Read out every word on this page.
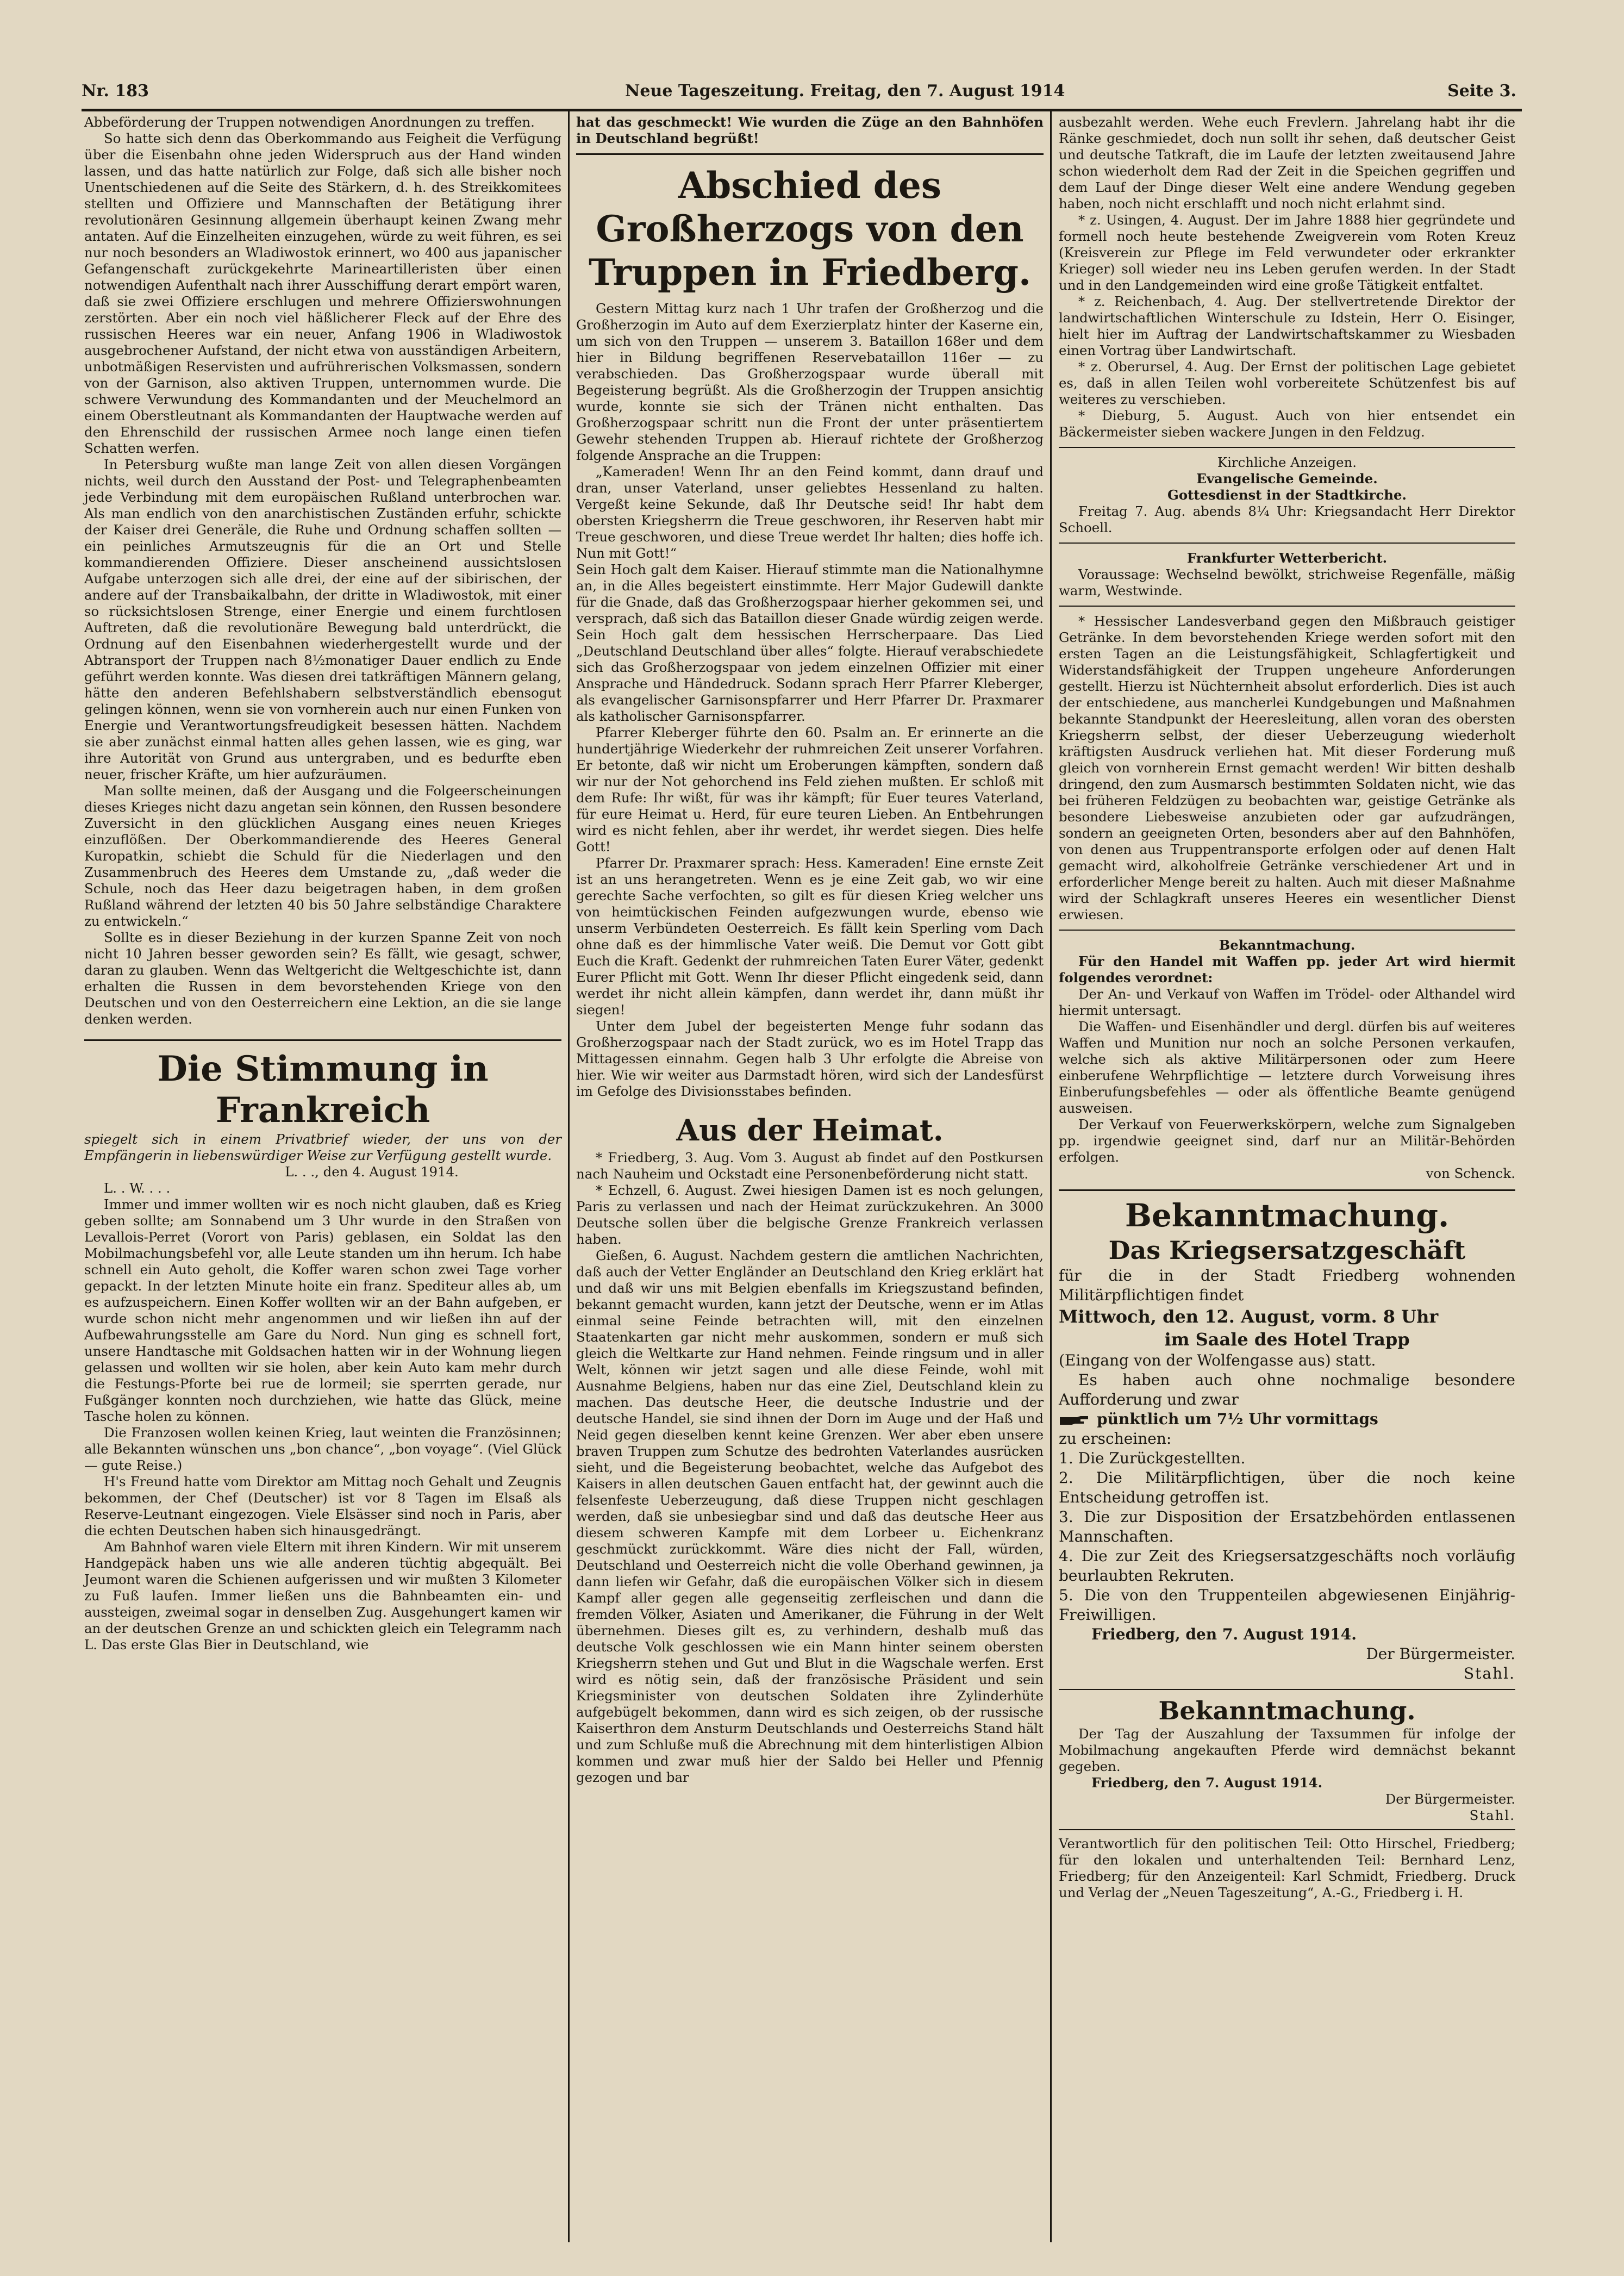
Nr. 183	Neue Tageszeitung. Freitag, den 7. August 1914	Seite 3.

Abbeförderung der Truppen notwendigen Anordnungen zu treffen.

So hatte sich denn das Oberkommando aus Feigheit die Verfügung über die Eisenbahn ohne jeden Widerspruch aus der Hand winden lassen, und das hatte natürlich zur Folge, daß sich alle bisher noch Unentschiedenen auf die Seite des Stärkern, d. h. des Streikkomitees stellten und Offiziere und Mannschaften der Betätigung ihrer revolutionären Gesinnung allgemein überhaupt keinen Zwang mehr antaten. Auf die Einzelheiten einzugehen, würde zu weit führen, es sei nur noch besonders an Wladiwostok erinnert, wo 400 aus japanischer Gefangenschaft zurückgekehrte Marineartilleristen über einen notwendigen Aufenthalt nach ihrer Ausschiffung derart empört waren, daß sie zwei Offiziere erschlugen und mehrere Offizierswohnungen zerstörten. Aber ein noch viel häßlicherer Fleck auf der Ehre des russischen Heeres war ein neuer, Anfang 1906 in Wladiwostok ausgebrochener Aufstand, der nicht etwa von ausständigen Arbeitern, unbotmäßigen Reservisten und aufrührerischen Volksmassen, sondern von der Garnison, also aktiven Truppen, unternommen wurde. Die schwere Verwundung des Kommandanten und der Meuchelmord an einem Oberstleutnant als Kommandanten der Hauptwache werden auf den Ehrenschild der russischen Armee noch lange einen tiefen Schatten werfen.

In Petersburg wußte man lange Zeit von allen diesen Vorgängen nichts, weil durch den Ausstand der Post- und Telegraphenbeamten jede Verbindung mit dem europäischen Rußland unterbrochen war. Als man endlich von den anarchistischen Zuständen erfuhr, schickte der Kaiser drei Generäle, die Ruhe und Ordnung schaffen sollten — ein peinliches Armutszeugnis für die an Ort und Stelle kommandierenden Offiziere. Dieser anscheinend aussichtslosen Aufgabe unterzogen sich alle drei, der eine auf der sibirischen, der andere auf der Transbaikalbahn, der dritte in Wladiwostok, mit einer so rücksichtslosen Strenge, einer Energie und einem furchtlosen Auftreten, daß die revolutionäre Bewegung bald unterdrückt, die Ordnung auf den Eisenbahnen wiederhergestellt wurde und der Abtransport der Truppen nach 8½monatiger Dauer endlich zu Ende geführt werden konnte. Was diesen drei tatkräftigen Männern gelang, hätte den anderen Befehlshabern selbstverständlich ebensogut gelingen können, wenn sie von vornherein auch nur einen Funken von Energie und Verantwortungsfreudigkeit besessen hätten. Nachdem sie aber zunächst einmal hatten alles gehen lassen, wie es ging, war ihre Autorität von Grund aus untergraben, und es bedurfte eben neuer, frischer Kräfte, um hier aufzuräumen.

Man sollte meinen, daß der Ausgang und die Folgeerscheinungen dieses Krieges nicht dazu angetan sein können, den Russen besondere Zuversicht in den glücklichen Ausgang eines neuen Krieges einzuflößen. Der Oberkommandierende des Heeres General Kuropatkin, schiebt die Schuld für die Niederlagen und den Zusammenbruch des Heeres dem Umstande zu, „daß weder die Schule, noch das Heer dazu beigetragen haben, in dem großen Rußland während der letzten 40 bis 50 Jahre selbständige Charaktere zu entwickeln.“

Sollte es in dieser Beziehung in der kurzen Spanne Zeit von noch nicht 10 Jahren besser geworden sein? Es fällt, wie gesagt, schwer, daran zu glauben. Wenn das Weltgericht die Weltgeschichte ist, dann erhalten die Russen in dem bevorstehenden Kriege von den Deutschen und von den Oesterreichern eine Lektion, an die sie lange denken werden.

Die Stimmung in Frankreich

spiegelt sich in einem Privatbrief wieder, der uns von der Empfängerin in liebenswürdiger Weise zur Verfügung gestellt wurde.

L. . ., den 4. August 1914.

L. . W. . . .

Immer und immer wollten wir es noch nicht glauben, daß es Krieg geben sollte; am Sonnabend um 3 Uhr wurde in den Straßen von Levallois-Perret (Vorort von Paris) geblasen, ein Soldat las den Mobilmachungsbefehl vor, alle Leute standen um ihn herum. Ich habe schnell ein Auto geholt, die Koffer waren schon zwei Tage vorher gepackt. In der letzten Minute hoite ein franz. Spediteur alles ab, um es aufzuspeichern. Einen Koffer wollten wir an der Bahn aufgeben, er wurde schon nicht mehr angenommen und wir ließen ihn auf der Aufbewahrungsstelle am Gare du Nord. Nun ging es schnell fort, unsere Handtasche mit Goldsachen hatten wir in der Wohnung liegen gelassen und wollten wir sie holen, aber kein Auto kam mehr durch die Festungs-Pforte bei rue de lormeil; sie sperrten gerade, nur Fußgänger konnten noch durchziehen, wie hatte das Glück, meine Tasche holen zu können.

Die Franzosen wollen keinen Krieg, laut weinten die Französinnen; alle Bekannten wünschen uns „bon chance“, „bon voyage“. (Viel Glück — gute Reise.)

H's Freund hatte vom Direktor am Mittag noch Gehalt und Zeugnis bekommen, der Chef (Deutscher) ist vor 8 Tagen im Elsaß als Reserve-Leutnant eingezogen. Viele Elsässer sind noch in Paris, aber die echten Deutschen haben sich hinausgedrängt.

Am Bahnhof waren viele Eltern mit ihren Kindern. Wir mit unserem Handgepäck haben uns wie alle anderen tüchtig abgequält. Bei Jeumont waren die Schienen aufgerissen und wir mußten 3 Kilometer zu Fuß laufen. Immer ließen uns die Bahnbeamten ein- und aussteigen, zweimal sogar in denselben Zug. Ausgehungert kamen wir an der deutschen Grenze an und schickten gleich ein Telegramm nach L. Das erste Glas Bier in Deutschland, wie

hat das geschmeckt! Wie wurden die Züge an den Bahnhöfen in Deutschland begrüßt!

Abschied des Großherzogs von den Truppen in Friedberg.

Gestern Mittag kurz nach 1 Uhr trafen der Großherzog und die Großherzogin im Auto auf dem Exerzierplatz hinter der Kaserne ein, um sich von den Truppen — unserem 3. Bataillon 168er und dem hier in Bildung begriffenen Reservebataillon 116er — zu verabschieden. Das Großherzogspaar wurde überall mit Begeisterung begrüßt. Als die Großherzogin der Truppen ansichtig wurde, konnte sie sich der Tränen nicht enthalten. Das Großherzogspaar schritt nun die Front der unter präsentiertem Gewehr stehenden Truppen ab. Hierauf richtete der Großherzog folgende Ansprache an die Truppen:

„Kameraden! Wenn Ihr an den Feind kommt, dann drauf und dran, unser Vaterland, unser geliebtes Hessenland zu halten. Vergeßt keine Sekunde, daß Ihr Deutsche seid! Ihr habt dem obersten Kriegsherrn die Treue geschworen, ihr Reserven habt mir Treue geschworen, und diese Treue werdet Ihr halten; dies hoffe ich. Nun mit Gott!“

Sein Hoch galt dem Kaiser. Hierauf stimmte man die Nationalhymne an, in die Alles begeistert einstimmte. Herr Major Gudewill dankte für die Gnade, daß das Großherzogspaar hierher gekommen sei, und versprach, daß sich das Bataillon dieser Gnade würdig zeigen werde. Sein Hoch galt dem hessischen Herrscherpaare. Das Lied „Deutschland Deutschland über alles“ folgte. Hierauf verabschiedete sich das Großherzogspaar von jedem einzelnen Offizier mit einer Ansprache und Händedruck. Sodann sprach Herr Pfarrer Kleberger, als evangelischer Garnisonspfarrer und Herr Pfarrer Dr. Praxmarer als katholischer Garnisonspfarrer.

Pfarrer Kleberger führte den 60. Psalm an. Er erinnerte an die hundertjährige Wiederkehr der ruhmreichen Zeit unserer Vorfahren. Er betonte, daß wir nicht um Eroberungen kämpften, sondern daß wir nur der Not gehorchend ins Feld ziehen mußten. Er schloß mit dem Rufe: Ihr wißt, für was ihr kämpft; für Euer teures Vaterland, für eure Heimat u. Herd, für eure teuren Lieben. An Entbehrungen wird es nicht fehlen, aber ihr werdet, ihr werdet siegen. Dies helfe Gott!

Pfarrer Dr. Praxmarer sprach: Hess. Kameraden! Eine ernste Zeit ist an uns herangetreten. Wenn es je eine Zeit gab, wo wir eine gerechte Sache verfochten, so gilt es für diesen Krieg welcher uns von heimtückischen Feinden aufgezwungen wurde, ebenso wie unserm Verbündeten Oesterreich. Es fällt kein Sperling vom Dach ohne daß es der himmlische Vater weiß. Die Demut vor Gott gibt Euch die Kraft. Gedenkt der ruhmreichen Taten Eurer Väter, gedenkt Eurer Pflicht mit Gott. Wenn Ihr dieser Pflicht eingedenk seid, dann werdet ihr nicht allein kämpfen, dann werdet ihr, dann müßt ihr siegen!

Unter dem Jubel der begeisterten Menge fuhr sodann das Großherzogspaar nach der Stadt zurück, wo es im Hotel Trapp das Mittagessen einnahm. Gegen halb 3 Uhr erfolgte die Abreise von hier. Wie wir weiter aus Darmstadt hören, wird sich der Landesfürst im Gefolge des Divisionsstabes befinden.

Aus der Heimat.

* Friedberg, 3. Aug. Vom 3. August ab findet auf den Postkursen nach Nauheim und Ockstadt eine Personenbeförderung nicht statt.

* Echzell, 6. August. Zwei hiesigen Damen ist es noch gelungen, Paris zu verlassen und nach der Heimat zurückzukehren. An 3000 Deutsche sollen über die belgische Grenze Frankreich verlassen haben.

Gießen, 6. August. Nachdem gestern die amtlichen Nachrichten, daß auch der Vetter Engländer an Deutschland den Krieg erklärt hat und daß wir uns mit Belgien ebenfalls im Kriegszustand befinden, bekannt gemacht wurden, kann jetzt der Deutsche, wenn er im Atlas einmal seine Feinde betrachten will, mit den einzelnen Staatenkarten gar nicht mehr auskommen, sondern er muß sich gleich die Weltkarte zur Hand nehmen. Feinde ringsum und in aller Welt, können wir jetzt sagen und alle diese Feinde, wohl mit Ausnahme Belgiens, haben nur das eine Ziel, Deutschland klein zu machen. Das deutsche Heer, die deutsche Industrie und der deutsche Handel, sie sind ihnen der Dorn im Auge und der Haß und Neid gegen dieselben kennt keine Grenzen. Wer aber eben unsere braven Truppen zum Schutze des bedrohten Vaterlandes ausrücken sieht, und die Begeisterung beobachtet, welche das Aufgebot des Kaisers in allen deutschen Gauen entfacht hat, der gewinnt auch die felsenfeste Ueberzeugung, daß diese Truppen nicht geschlagen werden, daß sie unbesiegbar sind und daß das deutsche Heer aus diesem schweren Kampfe mit dem Lorbeer u. Eichenkranz geschmückt zurückkommt. Wäre dies nicht der Fall, würden, Deutschland und Oesterreich nicht die volle Oberhand gewinnen, ja dann liefen wir Gefahr, daß die europäischen Völker sich in diesem Kampf aller gegen alle gegenseitig zerfleischen und dann die fremden Völker, Asiaten und Amerikaner, die Führung in der Welt übernehmen. Dieses gilt es, zu verhindern, deshalb muß das deutsche Volk geschlossen wie ein Mann hinter seinem obersten Kriegsherrn stehen und Gut und Blut in die Wagschale werfen. Erst wird es nötig sein, daß der französische Präsident und sein Kriegsminister von deutschen Soldaten ihre Zylinderhüte aufgebügelt bekommen, dann wird es sich zeigen, ob der russische Kaiserthron dem Ansturm Deutschlands und Oesterreichs Stand hält und zum Schluße muß die Abrechnung mit dem hinterlistigen Albion kommen und zwar muß hier der Saldo bei Heller und Pfennig gezogen und bar

ausbezahlt werden. Wehe euch Frevlern. Jahrelang habt ihr die Ränke geschmiedet, doch nun sollt ihr sehen, daß deutscher Geist und deutsche Tatkraft, die im Laufe der letzten zweitausend Jahre schon wiederholt dem Rad der Zeit in die Speichen gegriffen und dem Lauf der Dinge dieser Welt eine andere Wendung gegeben haben, noch nicht erschlafft und noch nicht erlahmt sind.

* z. Usingen, 4. August. Der im Jahre 1888 hier gegründete und formell noch heute bestehende Zweigverein vom Roten Kreuz (Kreisverein zur Pflege im Feld verwundeter oder erkrankter Krieger) soll wieder neu ins Leben gerufen werden. In der Stadt und in den Landgemeinden wird eine große Tätigkeit entfaltet.

* z. Reichenbach, 4. Aug. Der stellvertretende Direktor der landwirtschaftlichen Winterschule zu Idstein, Herr O. Eisinger, hielt hier im Auftrag der Landwirtschaftskammer zu Wiesbaden einen Vortrag über Landwirtschaft.

* z. Oberursel, 4. Aug. Der Ernst der politischen Lage gebietet es, daß in allen Teilen wohl vorbereitete Schützenfest bis auf weiteres zu verschieben.

* Dieburg, 5. August. Auch von hier entsendet ein Bäckermeister sieben wackere Jungen in den Feldzug.

Kirchliche Anzeigen.

Evangelische Gemeinde.

Gottesdienst in der Stadtkirche.

Freitag 7. Aug. abends 8¼ Uhr: Kriegsandacht Herr Direktor Schoell.

Frankfurter Wetterbericht.

Voraussage: Wechselnd bewölkt, strichweise Regenfälle, mäßig warm, Westwinde.

* Hessischer Landesverband gegen den Mißbrauch geistiger Getränke. In dem bevorstehenden Kriege werden sofort mit den ersten Tagen an die Leistungsfähigkeit, Schlagfertigkeit und Widerstandsfähigkeit der Truppen ungeheure Anforderungen gestellt. Hierzu ist Nüchternheit absolut erforderlich. Dies ist auch der entschiedene, aus mancherlei Kundgebungen und Maßnahmen bekannte Standpunkt der Heeresleitung, allen voran des obersten Kriegsherrn selbst, der dieser Ueberzeugung wiederholt kräftigsten Ausdruck verliehen hat. Mit dieser Forderung muß gleich von vornherein Ernst gemacht werden! Wir bitten deshalb dringend, den zum Ausmarsch bestimmten Soldaten nicht, wie das bei früheren Feldzügen zu beobachten war, geistige Getränke als besondere Liebesweise anzubieten oder gar aufzudrängen, sondern an geeigneten Orten, besonders aber auf den Bahnhöfen, von denen aus Truppentransporte erfolgen oder auf denen Halt gemacht wird, alkoholfreie Getränke verschiedener Art und in erforderlicher Menge bereit zu halten. Auch mit dieser Maßnahme wird der Schlagkraft unseres Heeres ein wesentlicher Dienst erwiesen.

Bekanntmachung.

Für den Handel mit Waffen pp. jeder Art wird hiermit folgendes verordnet:

Der An- und Verkauf von Waffen im Trödel- oder Althandel wird hiermit untersagt.

Die Waffen- und Eisenhändler und dergl. dürfen bis auf weiteres Waffen und Munition nur noch an solche Personen verkaufen, welche sich als aktive Militärpersonen oder zum Heere einberufene Wehrpflichtige — letztere durch Vorweisung ihres Einberufungsbefehles — oder als öffentliche Beamte genügend ausweisen.

Der Verkauf von Feuerwerkskörpern, welche zum Signalgeben pp. irgendwie geeignet sind, darf nur an Militär-Behörden erfolgen.

von Schenck.

Bekanntmachung.
Das Kriegsersatzgeschäft

für die in der Stadt Friedberg wohnenden Militärpflichtigen findet

Mittwoch, den 12. August, vorm. 8 Uhr

im Saale des Hotel Trapp

(Eingang von der Wolfengasse aus) statt.

Es haben auch ohne nochmalige besondere Aufforderung und zwar

pünktlich um 7½ Uhr vormittags

zu erscheinen:

1. Die Zurückgestellten.

2. Die Militärpflichtigen, über die noch keine Entscheidung getroffen ist.

3. Die zur Disposition der Ersatzbehörden entlassenen Mannschaften.

4. Die zur Zeit des Kriegsersatzgeschäfts noch vorläufig beurlaubten Rekruten.

5. Die von den Truppenteilen abgewiesenen Einjährig-Freiwilligen.

Friedberg, den 7. August 1914.

Der Bürgermeister.

Stahl.

Bekanntmachung.

Der Tag der Auszahlung der Taxsummen für infolge der Mobilmachung angekauften Pferde wird demnächst bekannt gegeben.

Friedberg, den 7. August 1914.

Der Bürgermeister.

Stahl.

Verantwortlich für den politischen Teil: Otto Hirschel, Friedberg; für den lokalen und unterhaltenden Teil: Bernhard Lenz, Friedberg; für den Anzeigenteil: Karl Schmidt, Friedberg. Druck und Verlag der „Neuen Tageszeitung“, A.-G., Friedberg i. H.
